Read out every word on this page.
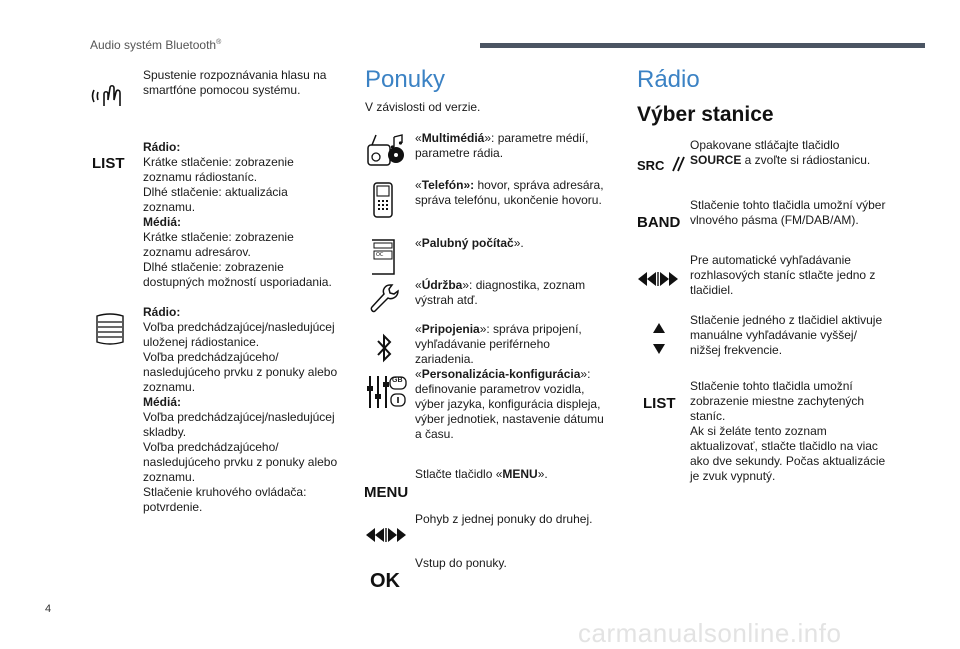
Audio systém Bluetooth®
Spustenie rozpoznávania hlasu na smartfóne pomocou systému.
LIST
Rádio:
Krátke stlačenie: zobrazenie zoznamu rádiostaníc.
Dlhé stlačenie: aktualizácia zoznamu.
Médiá:
Krátke stlačenie: zobrazenie zoznamu adresárov.
Dlhé stlačenie: zobrazenie dostupných možností usporiadania.
Rádio:
Voľba predchádzajúcej/nasledujúcej uloženej rádiostanice.
Voľba predchádzajúceho/ nasledujúceho prvku z ponuky alebo zoznamu.
Médiá:
Voľba predchádzajúcej/nasledujúcej skladby.
Voľba predchádzajúceho/ nasledujúceho prvku z ponuky alebo zoznamu.
Stlačenie kruhového ovládača: potvrdenie.
Ponuky
V závislosti od verzie.
«Multimédiá»: parametre médií, parametre rádia.
«Telefón»: hovor, správa adresára, správa telefónu, ukončenie hovoru.
OC
«Palubný počítač».
«Údržba»: diagnostika, zoznam výstrah atď.
«Pripojenia»: správa pripojení, vyhľadávanie periférneho zariadenia.
GB «Personalizácia-konfigurácia»: definovanie parametrov vozidla, výber jazyka, konfigurácia displeja, výber jednotiek, nastavenie dátumu a času.
MENU
Stlačte tlačidlo «MENU».
Pohyb z jednej ponuky do druhej.
OK
Vstup do ponuky.
Rádio
Výber stanice
SRC
Opakovane stláčajte tlačidlo SOURCE a zvoľte si rádiostanicu.
BAND
Stlačenie tohto tlačidla umožní výber vlnového pásma (FM/DAB/AM).
Pre automatické vyhľadávanie rozhlasových staníc stlačte jedno z tlačidiel.
Stlačenie jedného z tlačidiel aktivuje manuálne vyhľadávanie vyššej/ nižšej frekvencie.
LIST
Stlačenie tohto tlačidla umožní zobrazenie miestne zachytených staníc.
Ak si želáte tento zoznam aktualizovať, stlačte tlačidlo na viac ako dve sekundy. Počas aktualizácie je zvuk vypnutý.
4
carmanualsonline.info
